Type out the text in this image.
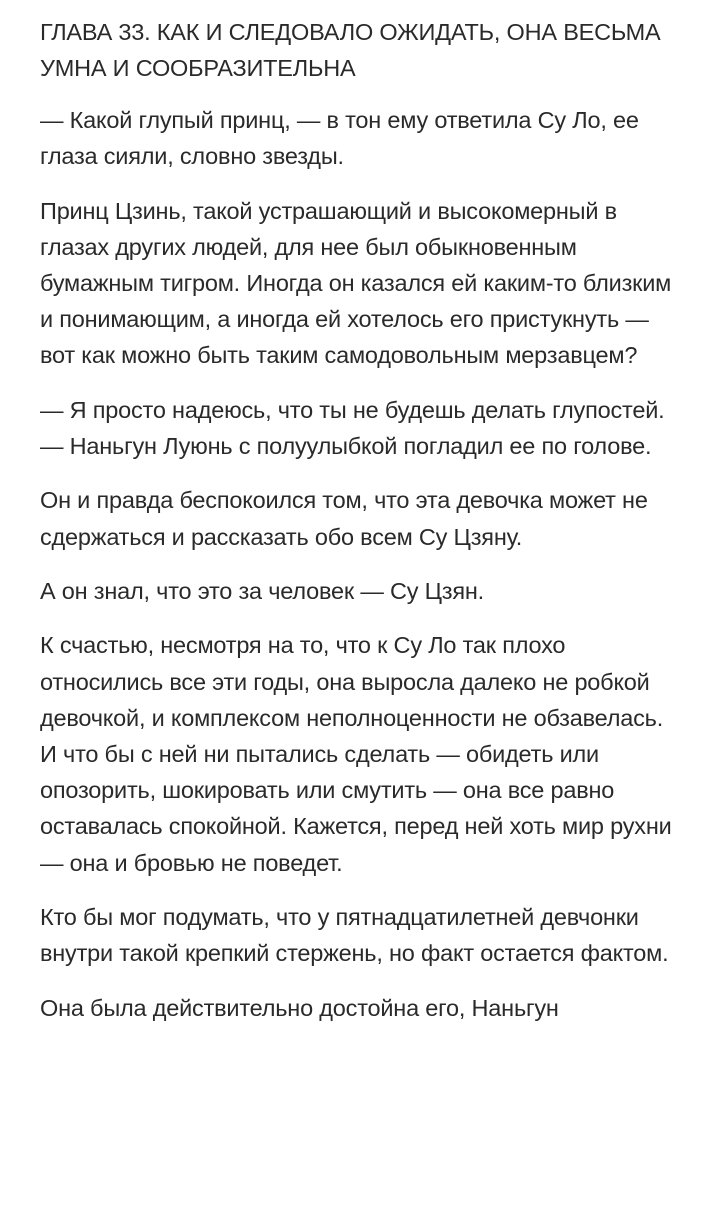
ГЛАВА 33. КАК И СЛЕДОВАЛО ОЖИДАТЬ, ОНА ВЕСЬМА УМНА И СООБРАЗИТЕЛЬНА

— Какой глупый принц, — в тон ему ответила Су Ло, ее глаза сияли, словно звезды.

Принц Цзинь, такой устрашающий и высокомерный в глазах других людей, для нее был обыкновенным бумажным тигром. Иногда он казался ей каким-то близким и понимающим, а иногда ей хотелось его пристукнуть — вот как можно быть таким самодовольным мерзавцем?

— Я просто надеюсь, что ты не будешь делать глупостей. — Наньгун Луюнь с полуулыбкой погладил ее по голове.

Он и правда беспокоился том, что эта девочка может не сдержаться и рассказать обо всем Су Цзяну.

А он знал, что это за человек — Су Цзян.

К счастью, несмотря на то, что к Су Ло так плохо относились все эти годы, она выросла далеко не робкой девочкой, и комплексом неполноценности не обзавелась. И что бы с ней ни пытались сделать — обидеть или опозорить, шокировать или смутить — она все равно оставалась спокойной. Кажется, перед ней хоть мир рухни — она и бровью не поведет.

Кто бы мог подумать, что у пятнадцатилетней девчонки внутри такой крепкий стержень, но факт остается фактом.

Она была действительно достойна его, Наньгун
